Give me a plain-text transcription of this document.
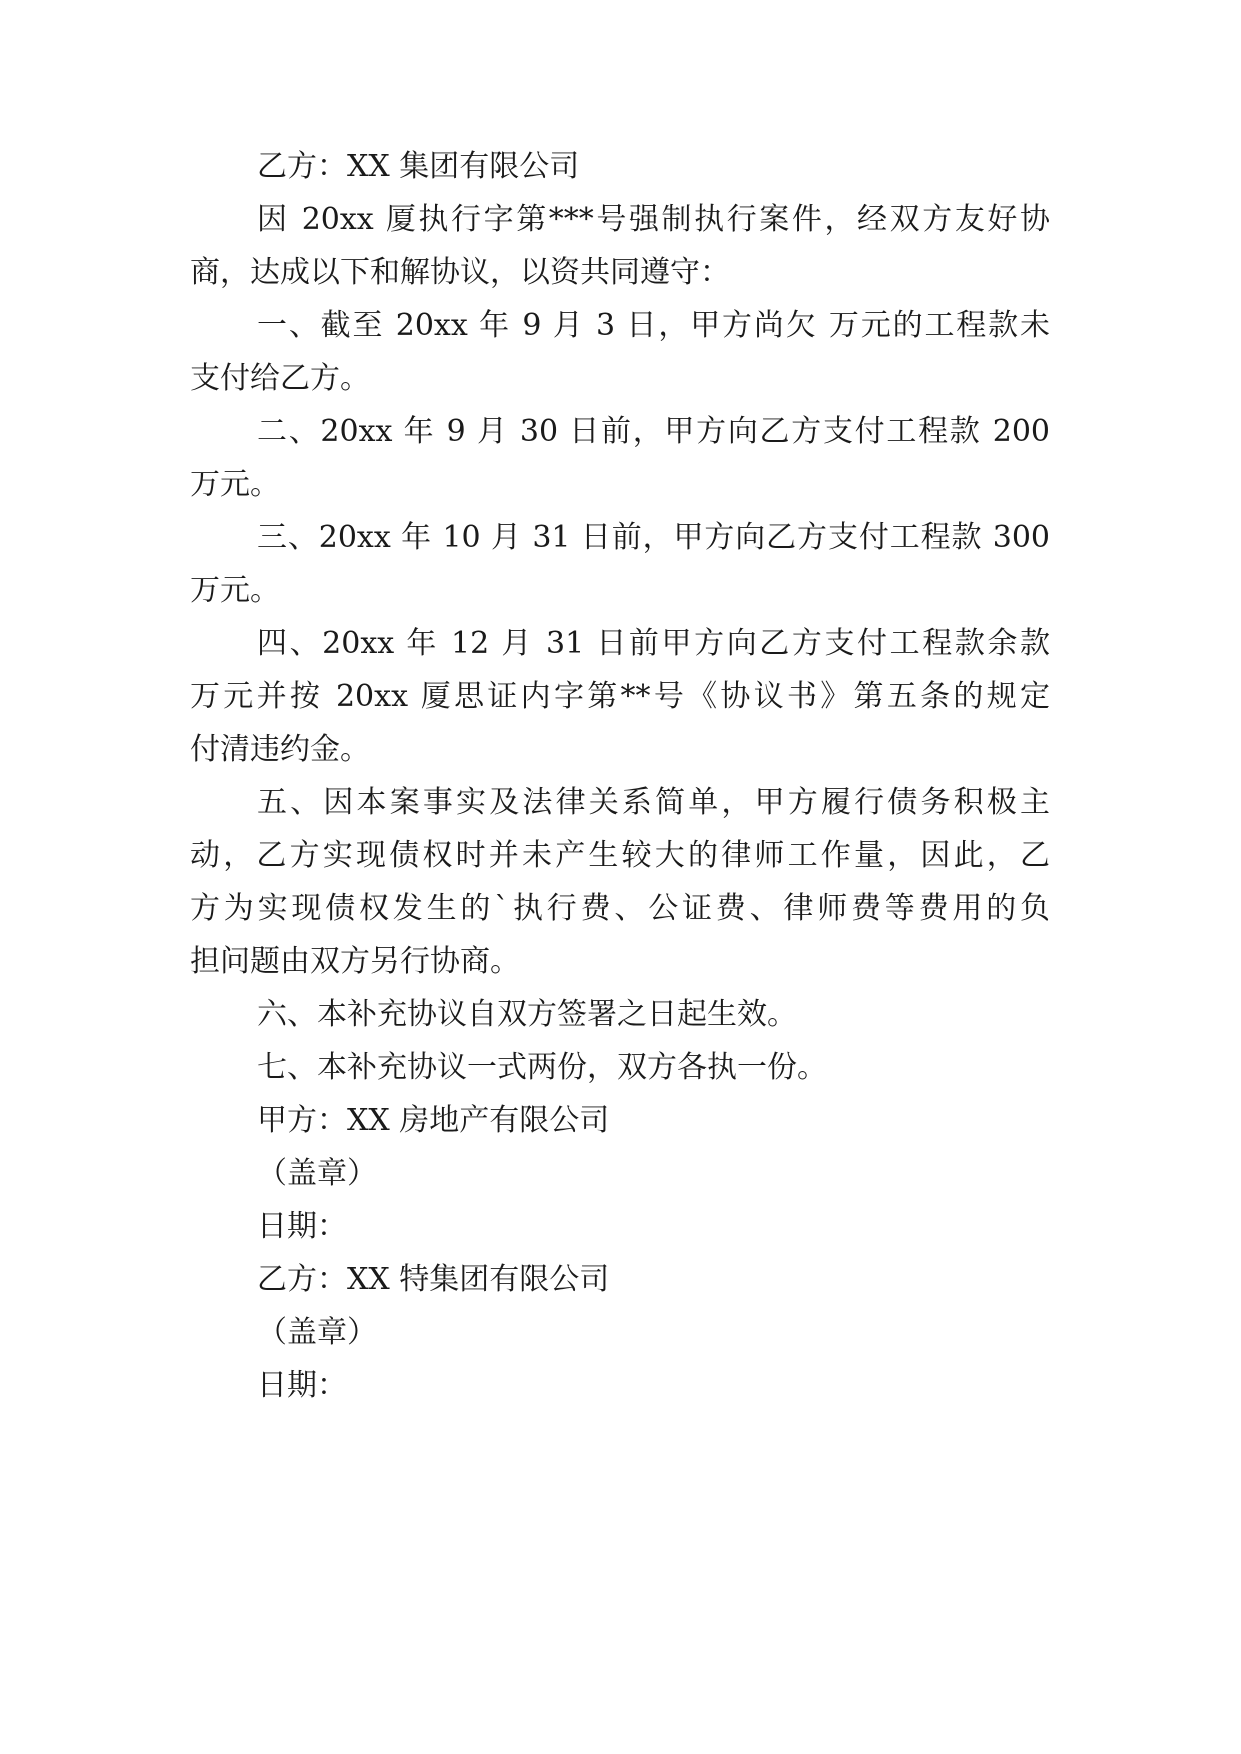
乙方：XX 集团有限公司
因 20xx 厦执行字第***号强制执行案件，经双方友好协
商，达成以下和解协议，以资共同遵守：
一、截至 20xx 年 9 月 3 日，甲方尚欠 万元的工程款未
支付给乙方。
二、20xx 年 9 月 30 日前，甲方向乙方支付工程款 200
万元。
三、20xx 年 10 月 31 日前，甲方向乙方支付工程款 300
万元。
四、20xx 年 12 月 31 日前甲方向乙方支付工程款余款
万元并按 20xx 厦思证内字第**号《协议书》第五条的规定
付清违约金。
五、因本案事实及法律关系简单，甲方履行债务积极主
动，乙方实现债权时并未产生较大的律师工作量，因此，乙
方为实现债权发生的`执行费、公证费、律师费等费用的负
担问题由双方另行协商。
六、本补充协议自双方签署之日起生效。
七、本补充协议一式两份，双方各执一份。
甲方：XX 房地产有限公司
（盖章）
日期：
乙方：XX 特集团有限公司
（盖章）
日期：
